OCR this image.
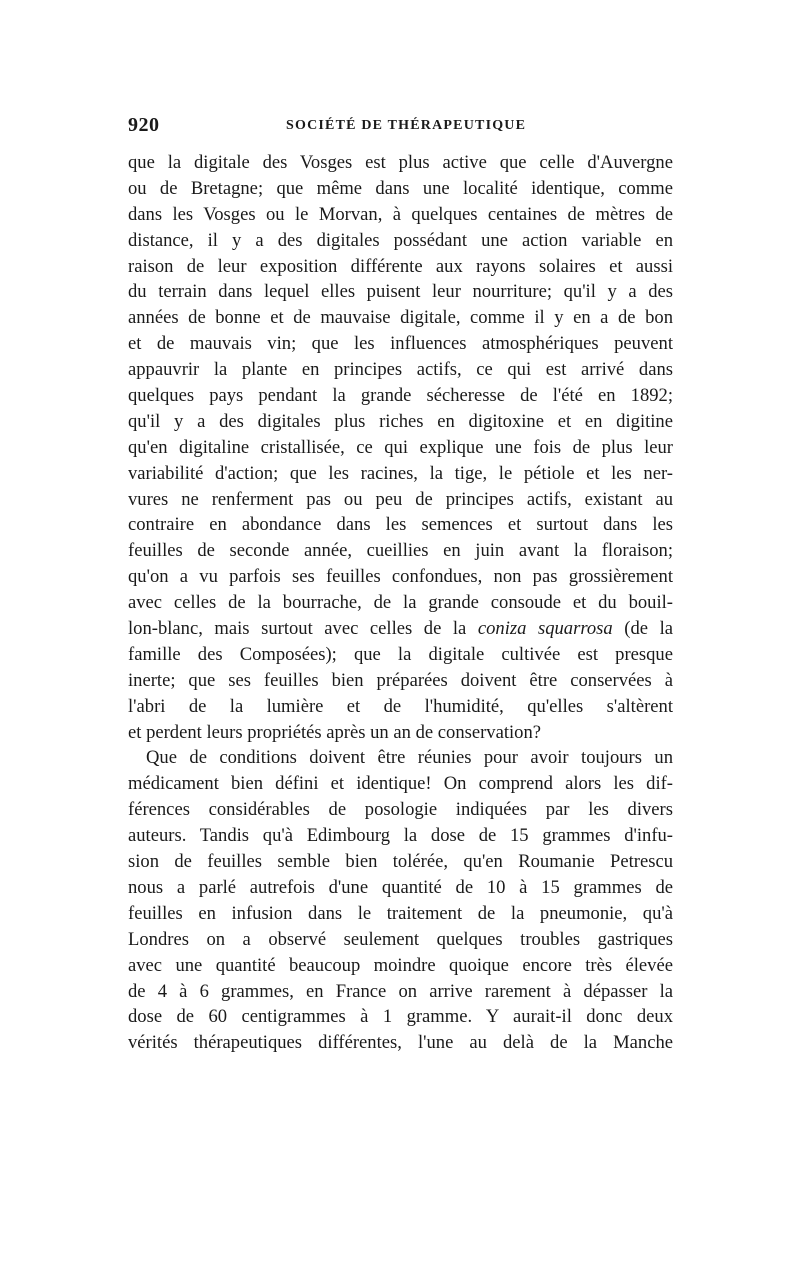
920	SOCIÉTÉ DE THÉRAPEUTIQUE
que la digitale des Vosges est plus active que celle d'Auvergne
ou de Bretagne; que même dans une localité identique, comme
dans les Vosges ou le Morvan, à quelques centaines de mètres de
distance, il y a des digitales possédant une action variable en
raison de leur exposition différente aux rayons solaires et aussi
du terrain dans lequel elles puisent leur nourriture; qu'il y a des
années de bonne et de mauvaise digitale, comme il y en a de bon
et de mauvais vin; que les influences atmosphériques peuvent
appauvrir la plante en principes actifs, ce qui est arrivé dans
quelques pays pendant la grande sécheresse de l'été en 1892;
qu'il y a des digitales plus riches en digitoxine et en digitine
qu'en digitaline cristallisée, ce qui explique une fois de plus leur
variabilité d'action; que les racines, la tige, le pétiole et les ner-
vures ne renferment pas ou peu de principes actifs, existant au
contraire en abondance dans les semences et surtout dans les
feuilles de seconde année, cueillies en juin avant la floraison;
qu'on a vu parfois ses feuilles confondues, non pas grossièrement
avec celles de la bourrache, de la grande consoude et du bouil-
lon-blanc, mais surtout avec celles de la coniza squarrosa (de la
famille des Composées); que la digitale cultivée est presque
inerte; que ses feuilles bien préparées doivent être conservées à
l'abri de la lumière et de l'humidité, qu'elles s'altèrent
et perdent leurs propriétés après un an de conservation?
Que de conditions doivent être réunies pour avoir toujours un
médicament bien défini et identique! On comprend alors les dif-
férences considérables de posologie indiquées par les divers
auteurs. Tandis qu'à Edimbourg la dose de 15 grammes d'infu-
sion de feuilles semble bien tolérée, qu'en Roumanie Petrescu
nous a parlé autrefois d'une quantité de 10 à 15 grammes de
feuilles en infusion dans le traitement de la pneumonie, qu'à
Londres on a observé seulement quelques troubles gastriques
avec une quantité beaucoup moindre quoique encore très élevée
de 4 à 6 grammes, en France on arrive rarement à dépasser la
dose de 60 centigrammes à 1 gramme. Y aurait-il donc deux
vérités thérapeutiques différentes, l'une au delà de la Manche
